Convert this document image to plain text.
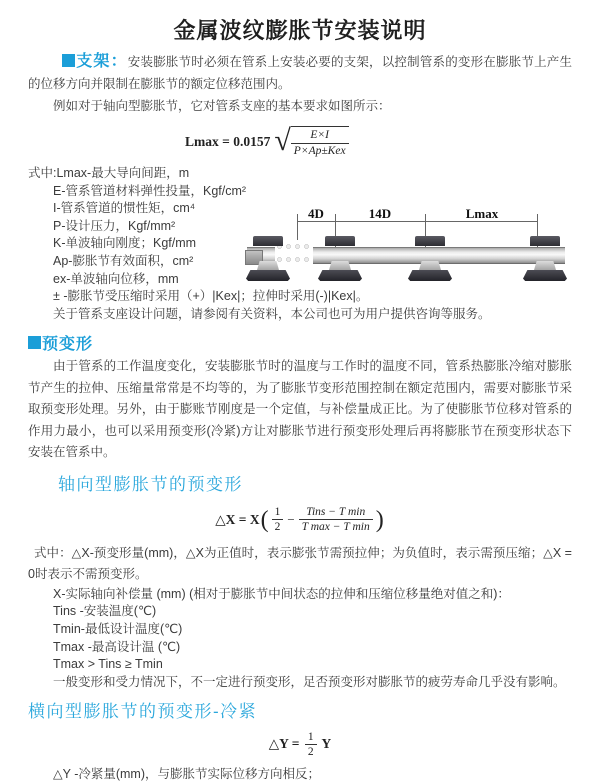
金属波纹膨胀节安装说明

支架：安装膨胀节时必须在管系上安装必要的支架，以控制管系的变形在膨胀节上产生的位移方向并限制在膨胀节的额定位移范围内。

例如对于轴向型膨胀节，它对管系支座的基本要求如图所示：

Lmax = 0.0157 √ $\frac{E\times I}{\text{P×Ap±Kex}}$
式中:Lmax-最大导向间距，m
E-管系管道材料弹性投量，Kgf/cm²
I-管系管道的惯性矩，cm⁴
P-设计压力，Kgf/mm²
K-单波轴向刚度；Kgf/mm
Ap-膨胀节有效面积，cm²
ex-单波轴向位移，mm
± -膨胀节受压缩时采用（+）|Kex|；拉伸时采用(-)|Kex|。
关于管系支座设计问题，请参阅有关资料，本公司也可为用户提供咨询等服务。
4D	14D	Lmax
预变形

由于管系的工作温度变化，安装膨胀节时的温度与工作时的温度不同，管系热膨胀冷缩对膨胀节产生的拉伸、压缩量常常是不均等的，为了膨胀节变形范围控制在额定范围内，需要对膨胀节采取预变形处理。另外，由于膨账节刚度是一个定值，与补偿量成正比。为了使膨胀节位移对管系的作用力最小，也可以采用预变形(冷紧)方让对膨胀节进行预变形处理后再将膨胀节在预变形状态下安装在管系中。

轴向型膨胀节的预变形
△X = X ( $\frac{1}{2} - \frac{\text{Tins − T min}}{\text{T max − T min}}$ )

式中：△X-预变形量(mm)，△X为正值时，表示膨张节需预拉伸；为负值时，表示需预压缩；△X = 0时表示不需预变形。

X-实际轴向补偿量 (mm) (相对于膨胀节中间状态的拉伸和压缩位移量绝对值之和)：
Tins -安装温度(℃)
Tmin-最低设计温度(℃)
Tmax -最高设计温 (℃)
Tmax > Tins ≥ Tmin
一般变形和受力情况下，不一定进行预变形，足否预变形对膨胀节的疲劳寿命几乎没有影响。
横向型膨胀节的预变形-冷紧
△Y = $\frac{1}{2}$ Y
△Y -冷紧量(mm)，与膨胀节实际位移方向相反；
